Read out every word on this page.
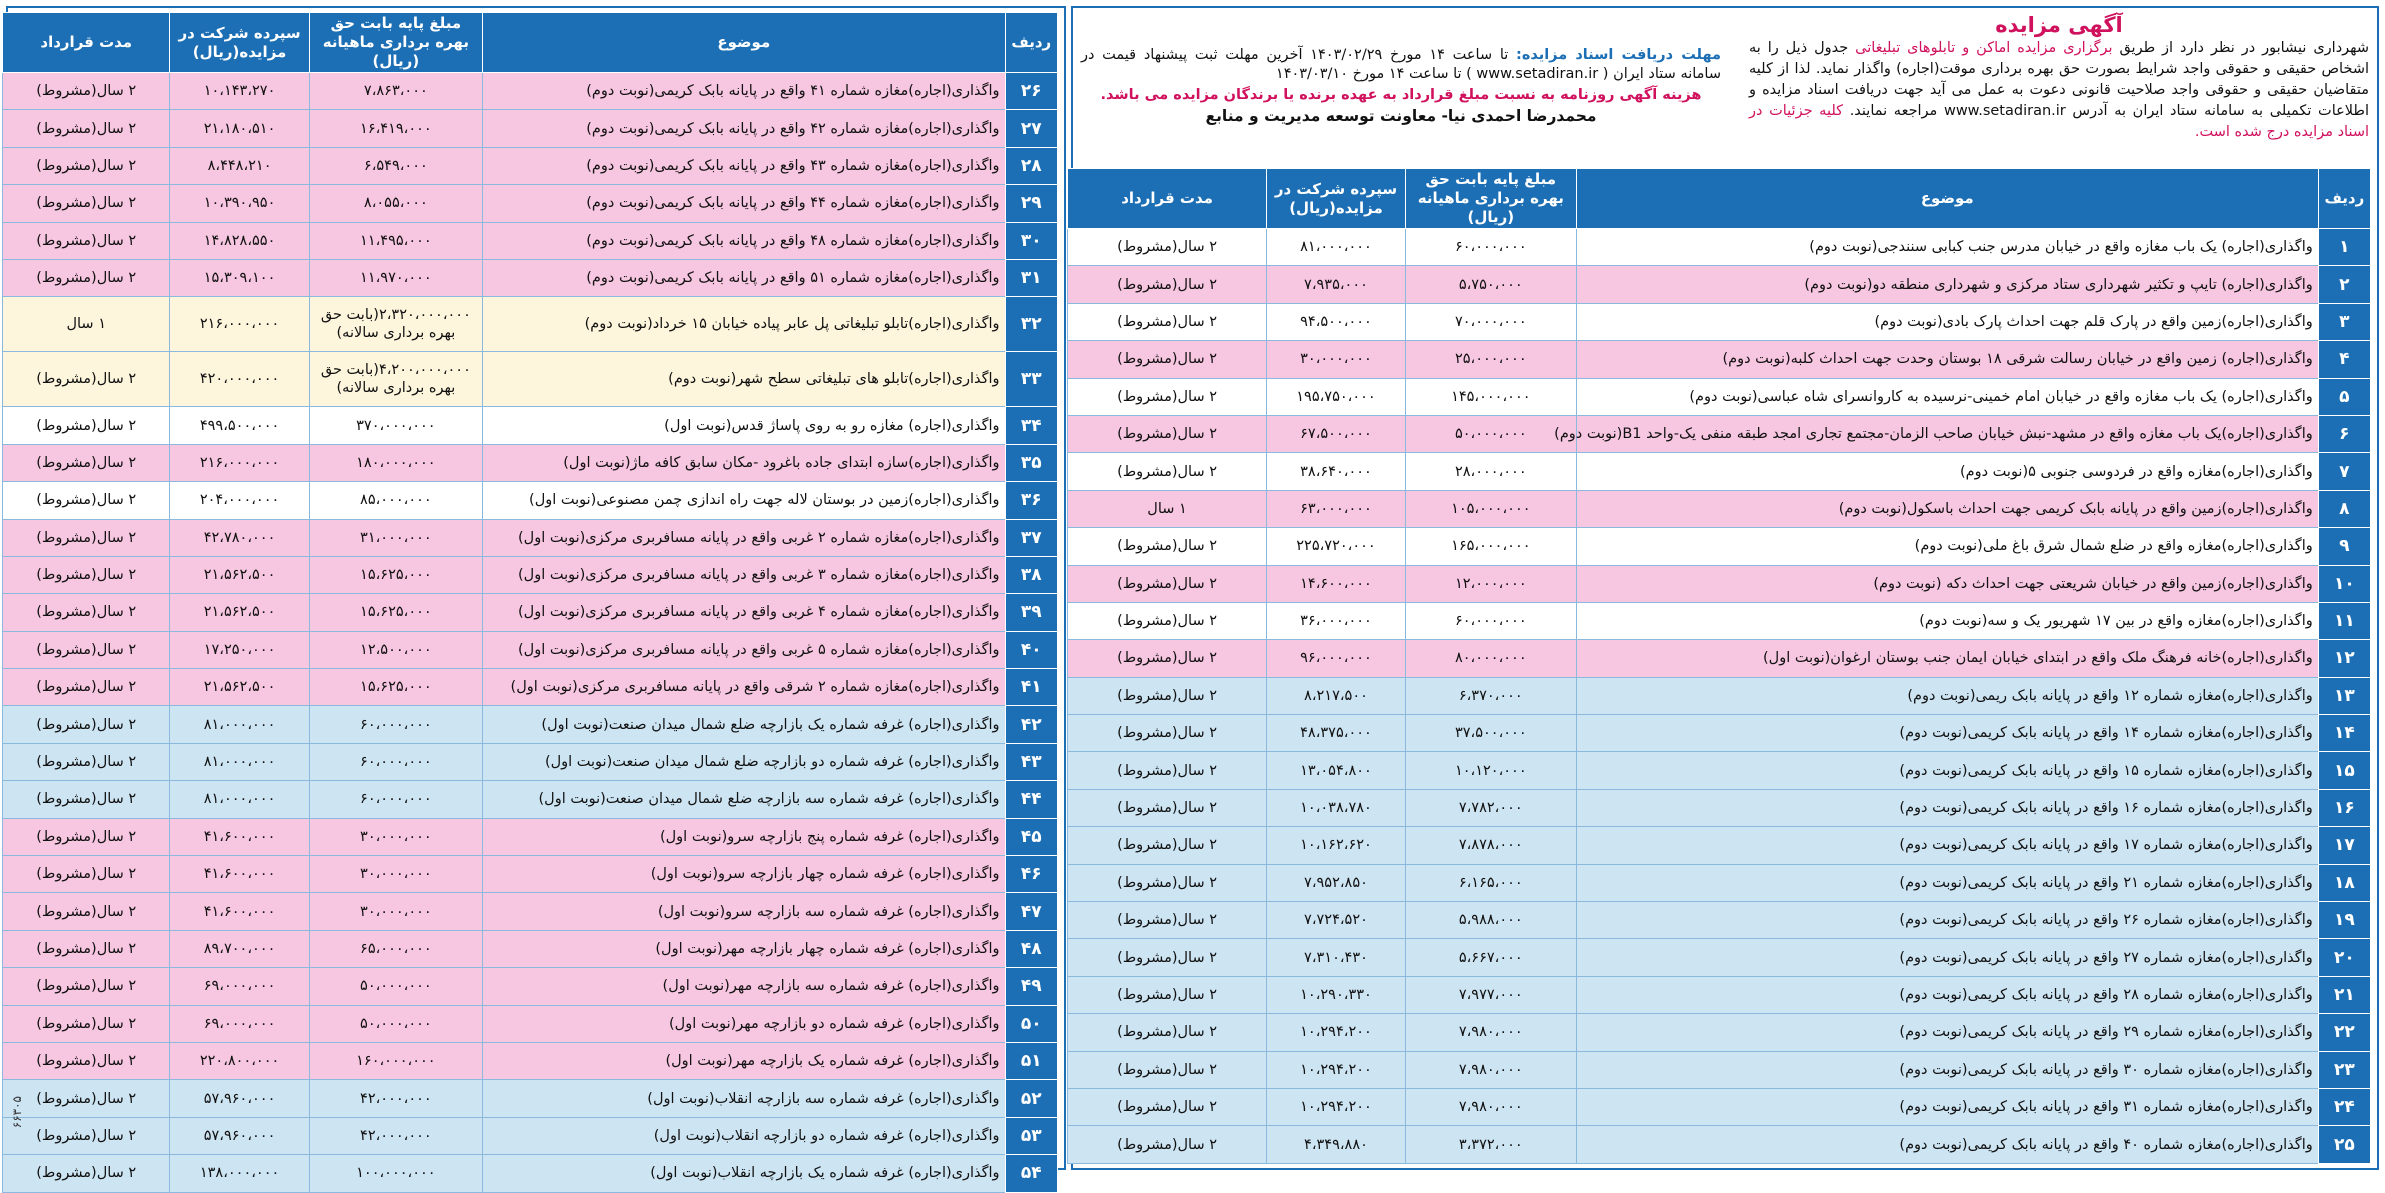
آگهی مزایده
شهرداری نیشابور در نظر دارد از طریق برگزاری مزایده اماکن و تابلوهای تبلیغاتی جدول ذیل را به اشخاص حقیقی و حقوقی واجد شرایط بصورت حق بهره برداری موقت(اجاره) واگذار نماید. لذا از کلیه متقاضیان حقیقی و حقوقی واجد صلاحیت قانونی دعوت به عمل می آید جهت دریافت اسناد مزایده و اطلاعات تکمیلی به سامانه ستاد ایران به آدرس www.setadiran.ir مراجعه نمایند. کلیه جزئیات در اسناد مزایده درج شده است.
مهلت دریافت اسناد مزایده: تا ساعت ۱۴ مورخ ۱۴۰۳/۰۲/۲۹ آخرین مهلت ثبت پیشنهاد قیمت در سامانه ستاد ایران ( www.setadiran.ir ) تا ساعت ۱۴ مورخ ۱۴۰۳/۰۳/۱۰
هزینه آگهی روزنامه به نسبت مبلغ قرارداد به عهده برنده یا برندگان مزایده می باشد.
محمدرضا احمدی نیا- معاونت توسعه مدیریت و منابع
ردیف	موضوع	مبلغ پایه بابت حق بهره برداری ماهیانه (ریال)	سپرده شرکت در مزایده(ریال)	مدت قرارداد
۱	واگذاری(اجاره) یک باب مغازه واقع در خیابان مدرس جنب کبابی سنندجی(نوبت دوم)	۶۰،۰۰۰،۰۰۰	۸۱،۰۰۰،۰۰۰	۲ سال(مشروط)
۲	واگذاری(اجاره) تایپ و تکثیر شهرداری ستاد مرکزی و شهرداری منطقه دو(نوبت دوم)	۵،۷۵۰،۰۰۰	۷،۹۳۵،۰۰۰	۲ سال(مشروط)
۳	واگذاری(اجاره)زمین واقع در پارک قلم جهت احداث پارک بادی(نوبت دوم)	۷۰،۰۰۰،۰۰۰	۹۴،۵۰۰،۰۰۰	۲ سال(مشروط)
۴	واگذاری(اجاره) زمین واقع در خیابان رسالت شرقی ۱۸ بوستان وحدت جهت احداث کلبه(نوبت دوم)	۲۵،۰۰۰،۰۰۰	۳۰،۰۰۰،۰۰۰	۲ سال(مشروط)
۵	واگذاری(اجاره) یک باب مغازه واقع در خیابان امام خمینی-نرسیده به کاروانسرای شاه عباسی(نوبت دوم)	۱۴۵،۰۰۰،۰۰۰	۱۹۵،۷۵۰،۰۰۰	۲ سال(مشروط)
۶	واگذاری(اجاره)یک باب مغازه واقع در مشهد-نبش خیابان صاحب الزمان-مجتمع تجاری امجد طبقه منفی یک-واحد B1(نوبت دوم)	۵۰،۰۰۰،۰۰۰	۶۷،۵۰۰،۰۰۰	۲ سال(مشروط)
۷	واگذاری(اجاره)مغازه واقع در فردوسی جنوبی ۵(نوبت دوم)	۲۸،۰۰۰،۰۰۰	۳۸،۶۴۰،۰۰۰	۲ سال(مشروط)
۸	واگذاری(اجاره)زمین واقع در پایانه بابک کریمی جهت احداث باسکول(نوبت دوم)	۱۰۵،۰۰۰،۰۰۰	۶۳،۰۰۰،۰۰۰	۱ سال
۹	واگذاری(اجاره)مغازه واقع در ضلع شمال شرق باغ ملی(نوبت دوم)	۱۶۵،۰۰۰،۰۰۰	۲۲۵،۷۲۰،۰۰۰	۲ سال(مشروط)
۱۰	واگذاری(اجاره)زمین واقع در خیابان شریعتی جهت احداث دکه (نوبت دوم)	۱۲،۰۰۰،۰۰۰	۱۴،۶۰۰،۰۰۰	۲ سال(مشروط)
۱۱	واگذاری(اجاره)مغازه واقع در بین ۱۷ شهریور یک و سه(نوبت دوم)	۶۰،۰۰۰،۰۰۰	۳۶،۰۰۰،۰۰۰	۲ سال(مشروط)
۱۲	واگذاری(اجاره)خانه فرهنگ ملک واقع در ابتدای خیابان ایمان جنب بوستان ارغوان(نوبت اول)	۸۰،۰۰۰،۰۰۰	۹۶،۰۰۰،۰۰۰	۲ سال(مشروط)
۱۳	واگذاری(اجاره)مغازه شماره ۱۲ واقع در پایانه بابک ریمی(نوبت دوم)	۶،۳۷۰،۰۰۰	۸،۲۱۷،۵۰۰	۲ سال(مشروط)
۱۴	واگذاری(اجاره)مغازه شماره ۱۴ واقع در پایانه بابک کریمی(نوبت دوم)	۳۷،۵۰۰،۰۰۰	۴۸،۳۷۵،۰۰۰	۲ سال(مشروط)
۱۵	واگذاری(اجاره)مغازه شماره ۱۵ واقع در پایانه بابک کریمی(نوبت دوم)	۱۰،۱۲۰،۰۰۰	۱۳،۰۵۴،۸۰۰	۲ سال(مشروط)
۱۶	واگذاری(اجاره)مغازه شماره ۱۶ واقع در پایانه بابک کریمی(نوبت دوم)	۷،۷۸۲،۰۰۰	۱۰،۰۳۸،۷۸۰	۲ سال(مشروط)
۱۷	واگذاری(اجاره)مغازه شماره ۱۷ واقع در پایانه بابک کریمی(نوبت دوم)	۷،۸۷۸،۰۰۰	۱۰،۱۶۲،۶۲۰	۲ سال(مشروط)
۱۸	واگذاری(اجاره)مغازه شماره ۲۱ واقع در پایانه بابک کریمی(نوبت دوم)	۶،۱۶۵،۰۰۰	۷،۹۵۲،۸۵۰	۲ سال(مشروط)
۱۹	واگذاری(اجاره)مغازه شماره ۲۶ واقع در پایانه بابک کریمی(نوبت دوم)	۵،۹۸۸،۰۰۰	۷،۷۲۴،۵۲۰	۲ سال(مشروط)
۲۰	واگذاری(اجاره)مغازه شماره ۲۷ واقع در پایانه بابک کریمی(نوبت دوم)	۵،۶۶۷،۰۰۰	۷،۳۱۰،۴۳۰	۲ سال(مشروط)
۲۱	واگذاری(اجاره)مغازه شماره ۲۸ واقع در پایانه بابک کریمی(نوبت دوم)	۷،۹۷۷،۰۰۰	۱۰،۲۹۰،۳۳۰	۲ سال(مشروط)
۲۲	واگذاری(اجاره)مغازه شماره ۲۹ واقع در پایانه بابک کریمی(نوبت دوم)	۷،۹۸۰،۰۰۰	۱۰،۲۹۴،۲۰۰	۲ سال(مشروط)
۲۳	واگذاری(اجاره)مغازه شماره ۳۰ واقع در پایانه بابک کریمی(نوبت دوم)	۷،۹۸۰،۰۰۰	۱۰،۲۹۴،۲۰۰	۲ سال(مشروط)
۲۴	واگذاری(اجاره)مغازه شماره ۳۱ واقع در پایانه بابک کریمی(نوبت دوم)	۷،۹۸۰،۰۰۰	۱۰،۲۹۴،۲۰۰	۲ سال(مشروط)
۲۵	واگذاری(اجاره)مغازه شماره ۴۰ واقع در پایانه بابک کریمی(نوبت دوم)	۳،۳۷۲،۰۰۰	۴،۳۴۹،۸۸۰	۲ سال(مشروط)
ردیف	موضوع	مبلغ پایه بابت حق بهره برداری ماهیانه (ریال)	سپرده شرکت در مزایده(ریال)	مدت قرارداد
۲۶	واگذاری(اجاره)مغازه شماره ۴۱ واقع در پایانه بابک کریمی(نوبت دوم)	۷،۸۶۳،۰۰۰	۱۰،۱۴۳،۲۷۰	۲ سال(مشروط)
۲۷	واگذاری(اجاره)مغازه شماره ۴۲ واقع در پایانه بابک کریمی(نوبت دوم)	۱۶،۴۱۹،۰۰۰	۲۱،۱۸۰،۵۱۰	۲ سال(مشروط)
۲۸	واگذاری(اجاره)مغازه شماره ۴۳ واقع در پایانه بابک کریمی(نوبت دوم)	۶،۵۴۹،۰۰۰	۸،۴۴۸،۲۱۰	۲ سال(مشروط)
۲۹	واگذاری(اجاره)مغازه شماره ۴۴ واقع در پایانه بابک کریمی(نوبت دوم)	۸،۰۵۵،۰۰۰	۱۰،۳۹۰،۹۵۰	۲ سال(مشروط)
۳۰	واگذاری(اجاره)مغازه شماره ۴۸ واقع در پایانه بابک کریمی(نوبت دوم)	۱۱،۴۹۵،۰۰۰	۱۴،۸۲۸،۵۵۰	۲ سال(مشروط)
۳۱	واگذاری(اجاره)مغازه شماره ۵۱ واقع در پایانه بابک کریمی(نوبت دوم)	۱۱،۹۷۰،۰۰۰	۱۵،۳۰۹،۱۰۰	۲ سال(مشروط)
۳۲	واگذاری(اجاره)تابلو تبلیغاتی پل عابر پیاده خیابان ۱۵ خرداد(نوبت دوم)	۲،۳۲۰،۰۰۰،۰۰۰(بابت حق بهره برداری سالانه)	۲۱۶،۰۰۰،۰۰۰	۱ سال
۳۳	واگذاری(اجاره)تابلو های تبلیغاتی سطح شهر(نوبت دوم)	۴،۲۰۰،۰۰۰،۰۰۰(بابت حق بهره برداری سالانه)	۴۲۰،۰۰۰،۰۰۰	۲ سال(مشروط)
۳۴	واگذاری(اجاره) مغازه رو به روی پاساژ قدس(نوبت اول)	۳۷۰،۰۰۰،۰۰۰	۴۹۹،۵۰۰،۰۰۰	۲ سال(مشروط)
۳۵	واگذاری(اجاره)سازه ابتدای جاده باغرود -مکان سابق کافه ماژ(نوبت اول)	۱۸۰،۰۰۰،۰۰۰	۲۱۶،۰۰۰،۰۰۰	۲ سال(مشروط)
۳۶	واگذاری(اجاره)زمین در بوستان لاله جهت راه اندازی چمن مصنوعی(نوبت اول)	۸۵،۰۰۰،۰۰۰	۲۰۴،۰۰۰،۰۰۰	۲ سال(مشروط)
۳۷	واگذاری(اجاره)مغازه شماره ۲ غربی واقع در پایانه مسافربری مرکزی(نوبت اول)	۳۱،۰۰۰،۰۰۰	۴۲،۷۸۰،۰۰۰	۲ سال(مشروط)
۳۸	واگذاری(اجاره)مغازه شماره ۳ غربی واقع در پایانه مسافربری مرکزی(نوبت اول)	۱۵،۶۲۵،۰۰۰	۲۱،۵۶۲،۵۰۰	۲ سال(مشروط)
۳۹	واگذاری(اجاره)مغازه شماره ۴ غربی واقع در پایانه مسافربری مرکزی(نوبت اول)	۱۵،۶۲۵،۰۰۰	۲۱،۵۶۲،۵۰۰	۲ سال(مشروط)
۴۰	واگذاری(اجاره)مغازه شماره ۵ غربی واقع در پایانه مسافربری مرکزی(نوبت اول)	۱۲،۵۰۰،۰۰۰	۱۷،۲۵۰،۰۰۰	۲ سال(مشروط)
۴۱	واگذاری(اجاره)مغازه شماره ۲ شرقی واقع در پایانه مسافربری مرکزی(نوبت اول)	۱۵،۶۲۵،۰۰۰	۲۱،۵۶۲،۵۰۰	۲ سال(مشروط)
۴۲	واگذاری(اجاره) غرفه شماره یک بازارچه ضلع شمال میدان صنعت(نوبت اول)	۶۰،۰۰۰،۰۰۰	۸۱،۰۰۰،۰۰۰	۲ سال(مشروط)
۴۳	واگذاری(اجاره) غرفه شماره دو بازارچه ضلع شمال میدان صنعت(نوبت اول)	۶۰،۰۰۰،۰۰۰	۸۱،۰۰۰،۰۰۰	۲ سال(مشروط)
۴۴	واگذاری(اجاره) غرفه شماره سه بازارچه ضلع شمال میدان صنعت(نوبت اول)	۶۰،۰۰۰،۰۰۰	۸۱،۰۰۰،۰۰۰	۲ سال(مشروط)
۴۵	واگذاری(اجاره) غرفه شماره پنج بازارچه سرو(نوبت اول)	۳۰،۰۰۰،۰۰۰	۴۱،۶۰۰،۰۰۰	۲ سال(مشروط)
۴۶	واگذاری(اجاره) غرفه شماره چهار بازارچه سرو(نوبت اول)	۳۰،۰۰۰،۰۰۰	۴۱،۶۰۰،۰۰۰	۲ سال(مشروط)
۴۷	واگذاری(اجاره) غرفه شماره سه بازارچه سرو(نوبت اول)	۳۰،۰۰۰،۰۰۰	۴۱،۶۰۰،۰۰۰	۲ سال(مشروط)
۴۸	واگذاری(اجاره) غرفه شماره چهار بازارچه مهر(نوبت اول)	۶۵،۰۰۰،۰۰۰	۸۹،۷۰۰،۰۰۰	۲ سال(مشروط)
۴۹	واگذاری(اجاره) غرفه شماره سه بازارچه مهر(نوبت اول)	۵۰،۰۰۰،۰۰۰	۶۹،۰۰۰،۰۰۰	۲ سال(مشروط)
۵۰	واگذاری(اجاره) غرفه شماره دو بازارچه مهر(نوبت اول)	۵۰،۰۰۰،۰۰۰	۶۹،۰۰۰،۰۰۰	۲ سال(مشروط)
۵۱	واگذاری(اجاره) غرفه شماره یک بازارچه مهر(نوبت اول)	۱۶۰،۰۰۰،۰۰۰	۲۲۰،۸۰۰،۰۰۰	۲ سال(مشروط)
۵۲	واگذاری(اجاره) غرفه شماره سه بازارچه انقلاب(نوبت اول)	۴۲،۰۰۰،۰۰۰	۵۷،۹۶۰،۰۰۰	۲ سال(مشروط)
۵۳	واگذاری(اجاره) غرفه شماره دو بازارچه انقلاب(نوبت اول)	۴۲،۰۰۰،۰۰۰	۵۷،۹۶۰،۰۰۰	۲ سال(مشروط)
۵۴	واگذاری(اجاره) غرفه شماره یک بازارچه انقلاب(نوبت اول)	۱۰۰،۰۰۰،۰۰۰	۱۳۸،۰۰۰،۰۰۰	۲ سال(مشروط)
۶۶۳۰۵
